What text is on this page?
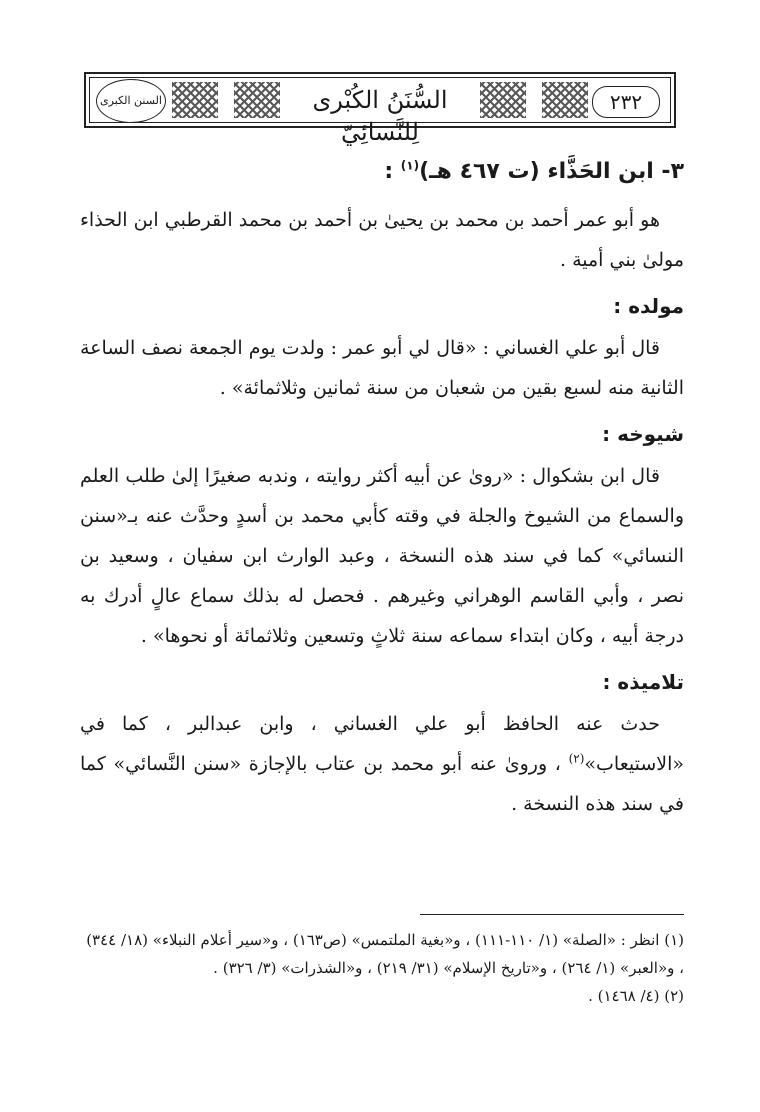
السنن الكبرى	السُّنَنُ الكُبْرى لِلنَّسائِيّ
٢٣٢
٣- ابن الحَذَّاء (ت ٤٦٧ هـ)$^{(١)}$ :

هو أبو عمر أحمد بن محمد بن يحيىٰ بن أحمد بن محمد القرطبي ابن الحذاء مولىٰ بني أمية .

مولده :

قال أبو علي الغساني : «قال لي أبو عمر : ولدت يوم الجمعة نصف الساعة الثانية منه لسبع بقين من شعبان من سنة ثمانين وثلاثمائة» .

شيوخه :

قال ابن بشكوال : «روىٰ عن أبيه أكثر روايته ، وندبه صغيرًا إلىٰ طلب العلم والسماع من الشيوخ والجلة في وقته كأبي محمد بن أسدٍ وحدَّث عنه بـ«سنن النسائي» كما في سند هذه النسخة ، وعبد الوارث ابن سفيان ، وسعيد بن نصر ، وأبي القاسم الوهراني وغيرهم . فحصل له بذلك سماع عالٍ أدرك به درجة أبيه ، وكان ابتداء سماعه سنة ثلاثٍ وتسعين وثلاثمائة أو نحوها» .

تلاميذه :

حدث عنه الحافظ أبو علي الغساني ، وابن عبدالبر ، كما في «الاستيعاب»$^{(٢)}$ ، وروىٰ عنه أبو محمد بن عتاب بالإجازة «سنن النَّسائي» كما في سند هذه النسخة .

(١) انظر : «الصلة» (١/ ١١٠-١١١) ، و«بغية الملتمس» (ص١٦٣) ، و«سير أعلام النبلاء» (١٨/ ٣٤٤) ، و«العبر» (١/ ٢٦٤) ، و«تاريخ الإسلام» (٣١/ ٢١٩) ، و«الشذرات» (٣/ ٣٢٦) .

(٢) (٤/ ١٤٦٨) .
